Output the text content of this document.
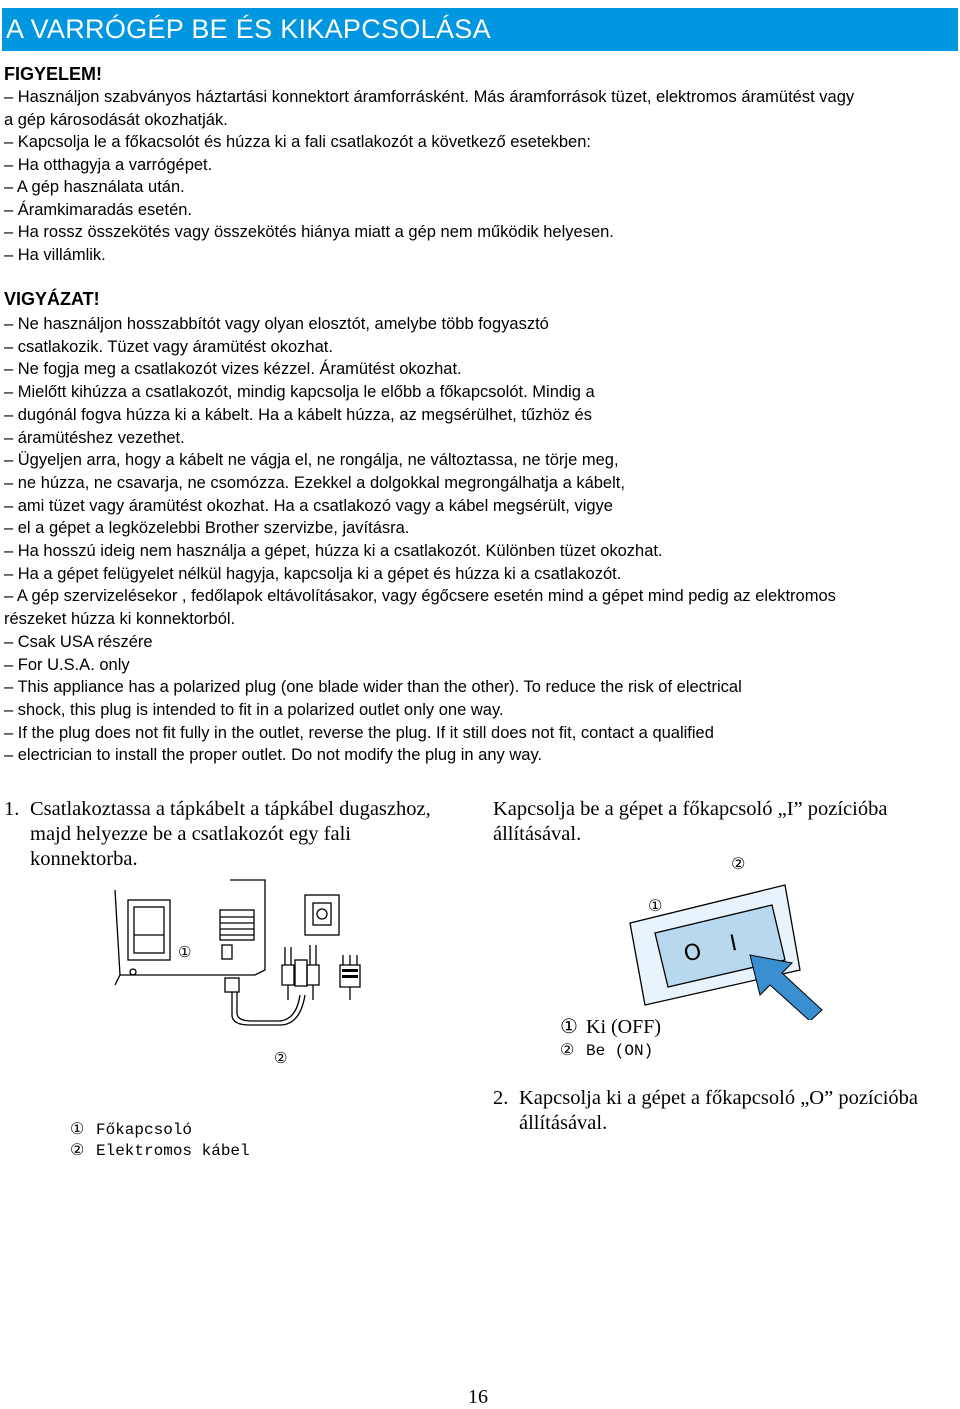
A VARRÓGÉP BE ÉS KIKAPCSOLÁSA
FIGYELEM!
– Használjon szabványos háztartási konnektort áramforrásként. Más áramforrások tüzet, elektromos áramütést vagy
a gép károsodását okozhatják.
– Kapcsolja le a főkacsolót és húzza ki a fali csatlakozót a következő esetekben:
– Ha otthagyja a varrógépet.
– A gép használata után.
– Áramkimaradás esetén.
– Ha rossz összekötés vagy összekötés hiánya miatt a gép nem működik helyesen.
– Ha villámlik.
VIGYÁZAT!
– Ne használjon hosszabbítót vagy olyan elosztót, amelybe több fogyasztó
– csatlakozik. Tüzet vagy áramütést okozhat.
– Ne fogja meg a csatlakozót vizes kézzel. Áramütést okozhat.
– Mielőtt kihúzza a csatlakozót, mindig kapcsolja le előbb a főkapcsolót. Mindig a
– dugónál fogva húzza ki a kábelt. Ha a kábelt húzza, az megsérülhet, tűzhöz és
– áramütéshez vezethet.
– Ügyeljen arra, hogy a kábelt ne vágja el, ne rongálja, ne változtassa, ne törje meg,
– ne húzza, ne csavarja, ne csomózza. Ezekkel a dolgokkal megrongálhatja a kábelt,
– ami tüzet vagy áramütést okozhat. Ha a csatlakozó vagy a kábel megsérült, vigye
– el a gépet a legközelebbi Brother szervizbe, javításra.
– Ha hosszú ideig nem használja a gépet, húzza ki a csatlakozót. Különben tüzet okozhat.
– Ha a gépet felügyelet nélkül hagyja, kapcsolja ki a gépet és húzza ki a csatlakozót.
– A gép szervizelésekor , fedőlapok eltávolításakor, vagy égőcsere esetén mind a gépet mind pedig az elektromos
részeket húzza ki konnektorból.
– Csak USA részére
– For U.S.A. only
– This appliance has a polarized plug (one blade wider than the other). To reduce the risk of electrical
– shock, this plug is intended to fit in a polarized outlet only one way.
– If the plug does not fit fully in the outlet, reverse the plug. If it still does not fit, contact a qualified
– electrician to install the proper outlet. Do not modify the plug in any way.
1. Csatlakoztassa a tápkábelt a tápkábel dugaszhoz,
majd helyezze be a csatlakozót egy fali
konnektorba.
Kapcsolja be a gépet a főkapcsoló „I” pozícióba
állításával.
①
②
②
①
O I
① Ki (OFF)
② Be (ON)
2. Kapcsolja ki a gépet a főkapcsoló „O” pozícióba
állításával.
① Főkapcsoló
② Elektromos kábel
16
